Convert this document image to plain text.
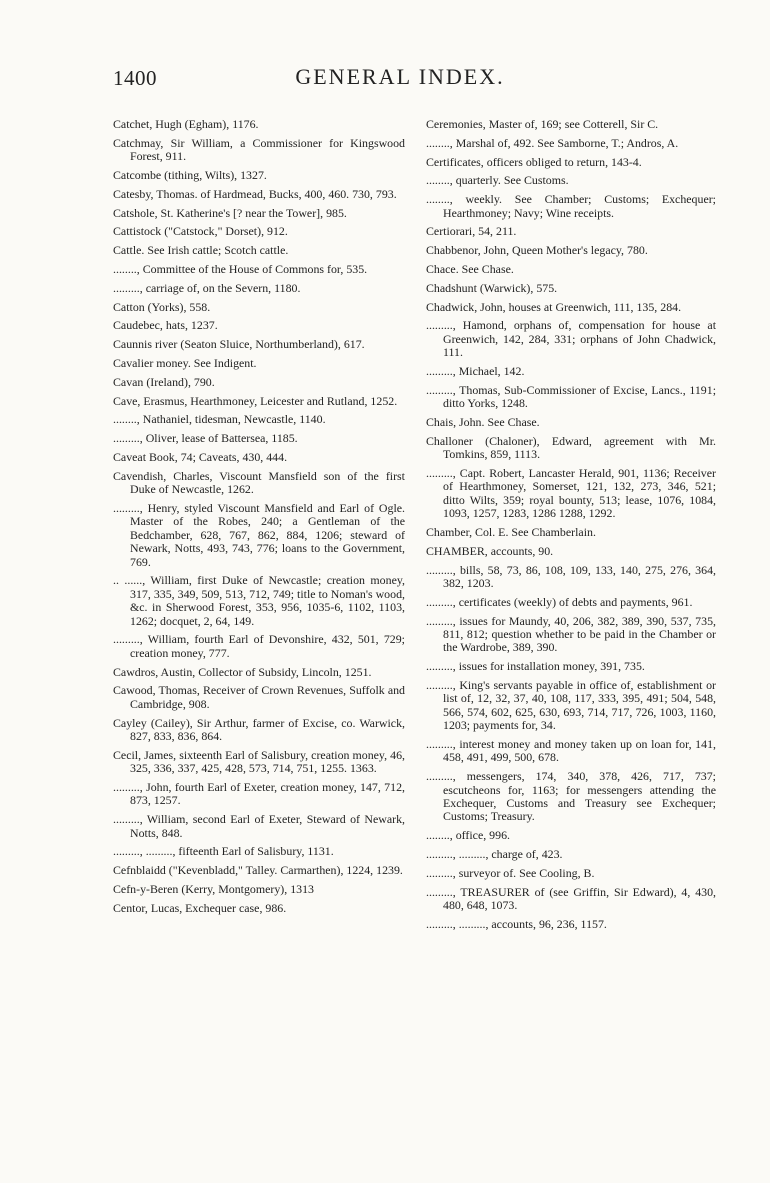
1400	GENERAL INDEX.

Catchet, Hugh (Egham), 1176.

Catchmay, Sir William, a Commissioner for Kingswood Forest, 911.

Catcombe (tithing, Wilts), 1327.

Catesby, Thomas. of Hardmead, Bucks, 400, 460. 730, 793.

Catshole, St. Katherine's [? near the Tower], 985.

Cattistock ("Catstock," Dorset), 912.

Cattle. See Irish cattle; Scotch cattle.

........, Committee of the House of Commons for, 535.

........., carriage of, on the Severn, 1180.

Catton (Yorks), 558.

Caudebec, hats, 1237.

Caunnis river (Seaton Sluice, Northumberland), 617.

Cavalier money. See Indigent.

Cavan (Ireland), 790.

Cave, Erasmus, Hearthmoney, Leicester and Rutland, 1252.

........, Nathaniel, tidesman, Newcastle, 1140.

........., Oliver, lease of Battersea, 1185.

Caveat Book, 74; Caveats, 430, 444.

Cavendish, Charles, Viscount Mansfield son of the first Duke of Newcastle, 1262.

........., Henry, styled Viscount Mansfield and Earl of Ogle. Master of the Robes, 240; a Gentleman of the Bedchamber, 628, 767, 862, 884, 1206; steward of Newark, Notts, 493, 743, 776; loans to the Government, 769.

.. ......, William, first Duke of Newcastle; creation money, 317, 335, 349, 509, 513, 712, 749; title to Noman's wood, &c. in Sherwood Forest, 353, 956, 1035-6, 1102, 1103, 1262; docquet, 2, 64, 149.

........., William, fourth Earl of Devonshire, 432, 501, 729; creation money, 777.

Cawdros, Austin, Collector of Subsidy, Lincoln, 1251.

Cawood, Thomas, Receiver of Crown Revenues, Suffolk and Cambridge, 908.

Cayley (Cailey), Sir Arthur, farmer of Excise, co. Warwick, 827, 833, 836, 864.

Cecil, James, sixteenth Earl of Salisbury, creation money, 46, 325, 336, 337, 425, 428, 573, 714, 751, 1255. 1363.

........., John, fourth Earl of Exeter, creation money, 147, 712, 873, 1257.

........., William, second Earl of Exeter, Steward of Newark, Notts, 848.

........., ........., fifteenth Earl of Salisbury, 1131.

Cefnblaidd ("Kevenbladd," Talley. Carmarthen), 1224, 1239.

Cefn-y-Beren (Kerry, Montgomery), 1313

Centor, Lucas, Exchequer case, 986.

Ceremonies, Master of, 169; see Cotterell, Sir C.

........, Marshal of, 492. See Samborne, T.; Andros, A.

Certificates, officers obliged to return, 143-4.

........, quarterly. See Customs.

........, weekly. See Chamber; Customs; Exchequer; Hearthmoney; Navy; Wine receipts.

Certiorari, 54, 211.

Chabbenor, John, Queen Mother's legacy, 780.

Chace. See Chase.

Chadshunt (Warwick), 575.

Chadwick, John, houses at Greenwich, 111, 135, 284.

........., Hamond, orphans of, compensation for house at Greenwich, 142, 284, 331; orphans of John Chadwick, 111.

........., Michael, 142.

........., Thomas, Sub-Commissioner of Excise, Lancs., 1191; ditto Yorks, 1248.

Chais, John. See Chase.

Challoner (Chaloner), Edward, agreement with Mr. Tomkins, 859, 1113.

........., Capt. Robert, Lancaster Herald, 901, 1136; Receiver of Hearthmoney, Somerset, 121, 132, 273, 346, 521; ditto Wilts, 359; royal bounty, 513; lease, 1076, 1084, 1093, 1257, 1283, 1286 1288, 1292.

Chamber, Col. E. See Chamberlain.

CHAMBER, accounts, 90.

........., bills, 58, 73, 86, 108, 109, 133, 140, 275, 276, 364, 382, 1203.

........., certificates (weekly) of debts and payments, 961.

........., issues for Maundy, 40, 206, 382, 389, 390, 537, 735, 811, 812; question whether to be paid in the Chamber or the Wardrobe, 389, 390.

........., issues for installation money, 391, 735.

........., King's servants payable in office of, establishment or list of, 12, 32, 37, 40, 108, 117, 333, 395, 491; 504, 548, 566, 574, 602, 625, 630, 693, 714, 717, 726, 1003, 1160, 1203; payments for, 34.

........., interest money and money taken up on loan for, 141, 458, 491, 499, 500, 678.

........., messengers, 174, 340, 378, 426, 717, 737; escutcheons for, 1163; for messengers attending the Exchequer, Customs and Treasury see Exchequer; Customs; Treasury.

........, office, 996.

........., ........., charge of, 423.

........., surveyor of. See Cooling, B.

........., TREASURER of (see Griffin, Sir Edward), 4, 430, 480, 648, 1073.

........., ........., accounts, 96, 236, 1157.
